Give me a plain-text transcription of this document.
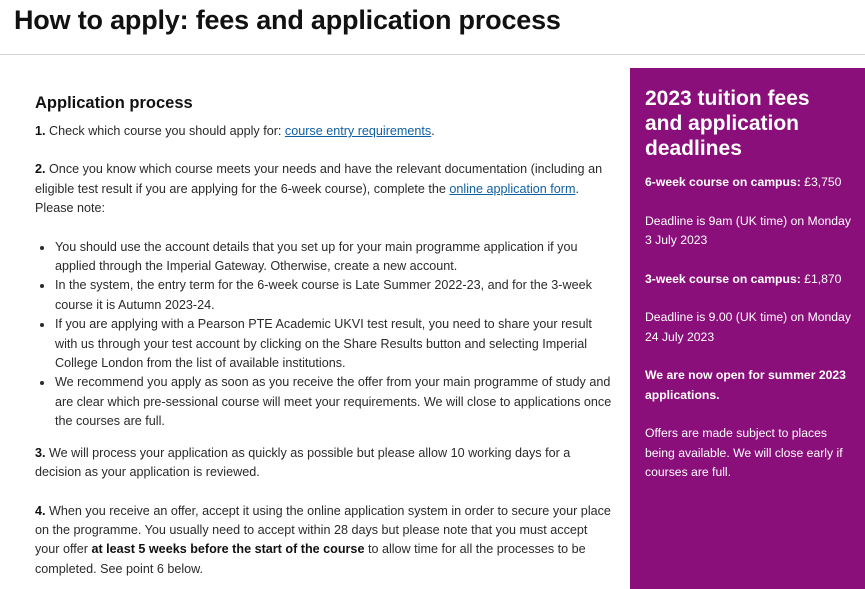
How to apply: fees and application process
Application process

1. Check which course you should apply for: course entry requirements.

2. Once you know which course meets your needs and have the relevant documentation (including an eligible test result if you are applying for the 6-week course), complete the online application form. Please note:

• You should use the account details that you set up for your main programme application if you applied through the Imperial Gateway. Otherwise, create a new account.
• In the system, the entry term for the 6-week course is Late Summer 2022-23, and for the 3-week course it is Autumn 2023-24.
• If you are applying with a Pearson PTE Academic UKVI test result, you need to share your result with us through your test account by clicking on the Share Results button and selecting Imperial College London from the list of available institutions.
• We recommend you apply as soon as you receive the offer from your main programme of study and are clear which pre-sessional course will meet your requirements. We will close to applications once the courses are full.

3. We will process your application as quickly as possible but please allow 10 working days for a decision as your application is reviewed.

4. When you receive an offer, accept it using the online application system in order to secure your place on the programme. You usually need to accept within 28 days but please note that you must accept your offer at least 5 weeks before the start of the course to allow time for all the processes to be completed. See point 6 below.

2023 tuition fees and application deadlines

6-week course on campus: £3,750

Deadline is 9am (UK time) on Monday 3 July 2023

3-week course on campus: £1,870

Deadline is 9.00 (UK time) on Monday 24 July 2023

We are now open for summer 2023 applications.

Offers are made subject to places being available. We will close early if courses are full.
